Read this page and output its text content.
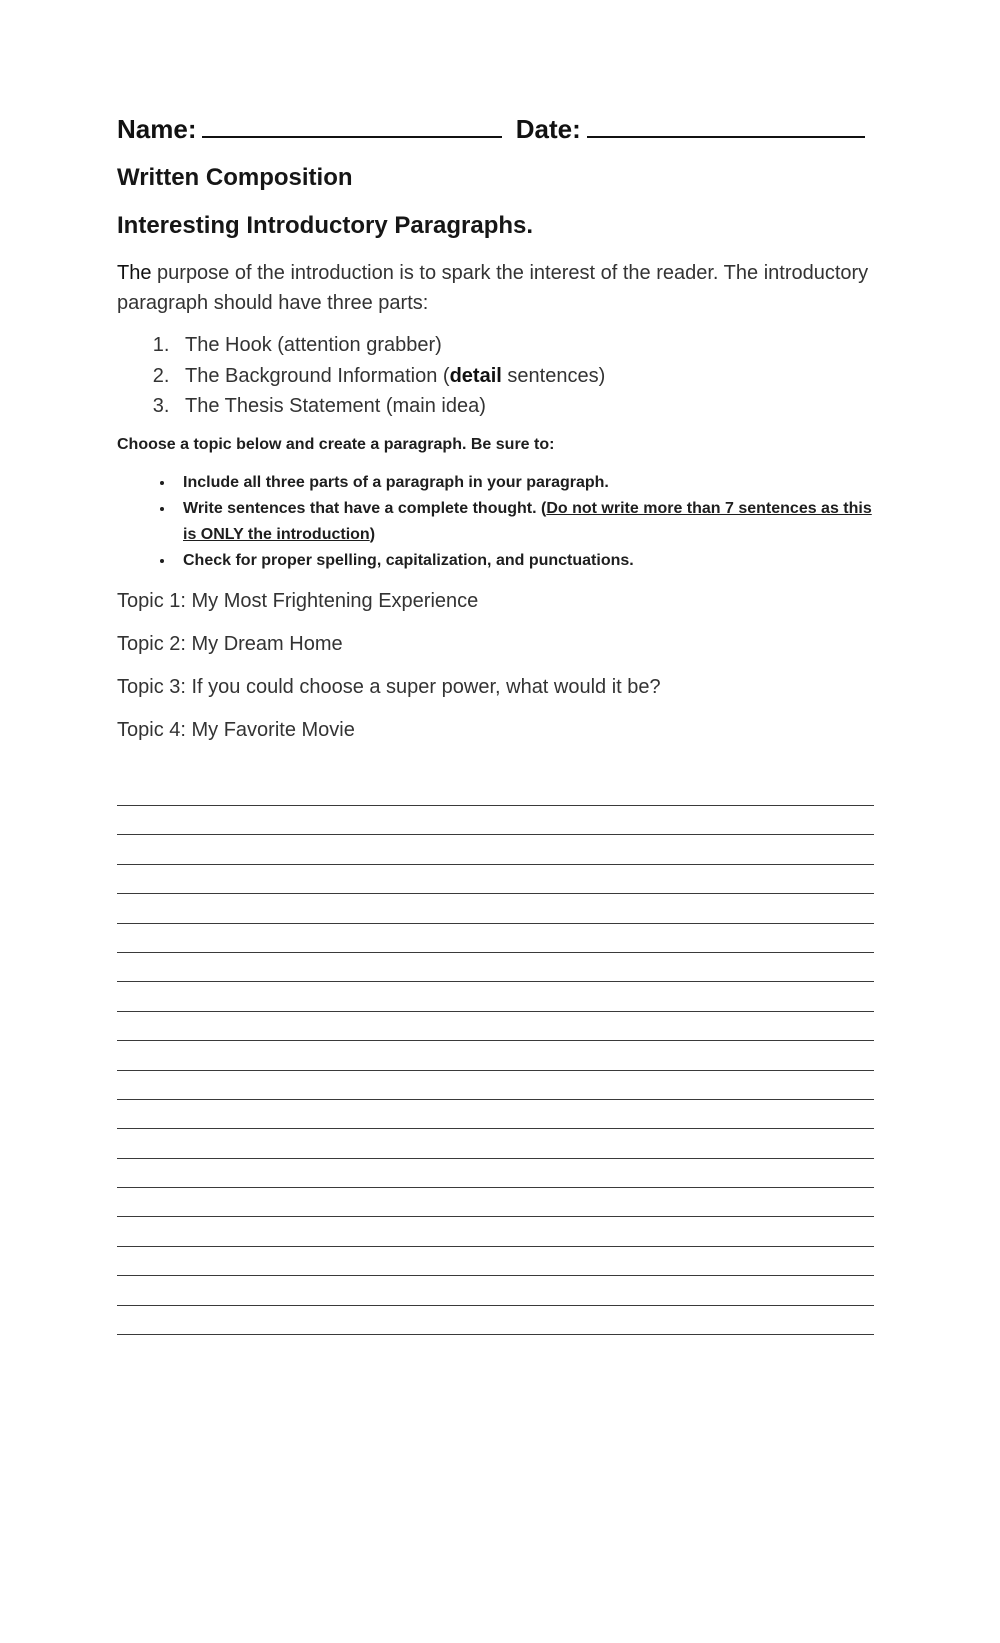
Name:	Date:
Written Composition
Interesting Introductory Paragraphs.

The purpose of the introduction is to spark the interest of the reader. The introductory paragraph should have three parts:

1. The Hook (attention grabber)
2. The Background Information (detail sentences)
3. The Thesis Statement (main idea)
Choose a topic below and create a paragraph. Be sure to:
• Include all three parts of a paragraph in your paragraph.
• Write sentences that have a complete thought. (Do not write more than 7 sentences as this is ONLY the introduction)
• Check for proper spelling, capitalization, and punctuations.
Topic 1: My Most Frightening Experience
Topic 2: My Dream Home
Topic 3: If you could choose a super power, what would it be?
Topic 4: My Favorite Movie
